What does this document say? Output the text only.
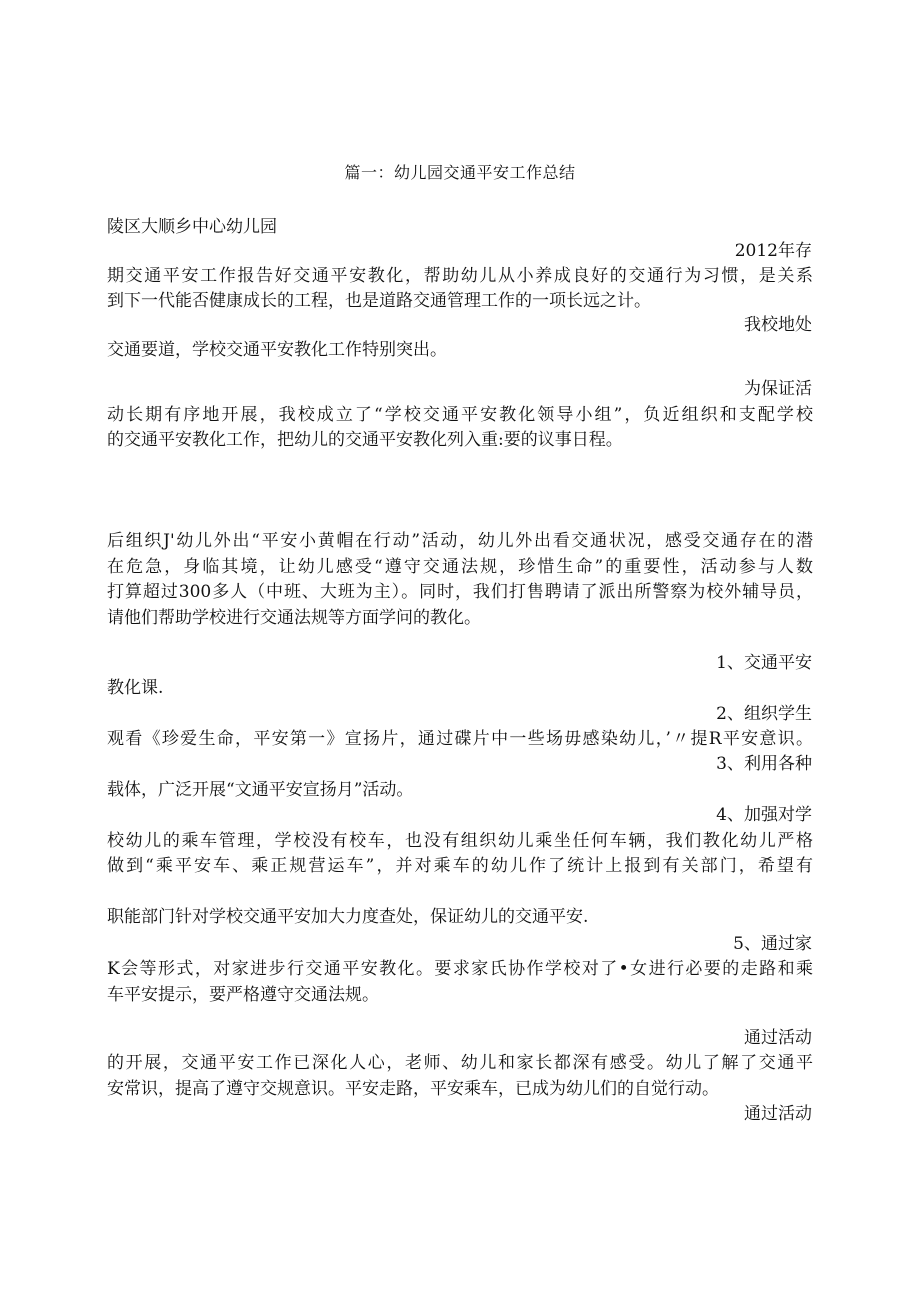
篇一：幼儿园交通平安工作总结
陵区大顺乡中心幼儿园
2012年存
期交通平安工作报告好交通平安教化，帮助幼儿从小养成良好的交通行为习惯，是关系
到下一代能否健康成长的工程，也是道路交通管理工作的一项长远之计。
我校地处
交通要道，学校交通平安教化工作特别突出。
为保证活
动长期有序地开展，我校成立了“学校交通平安教化领导小组”，负近组织和支配学校
的交通平安教化工作，把幼儿的交通平安教化列入重:要的议事日程。
后组织J'幼儿外出“平安小黄帽在行动”活动，幼儿外出看交通状况，感受交通存在的潜
在危急，身临其境，让幼儿感受“遵守交通法规，珍惜生命”的重要性，活动参与人数
打算超过300多人（中班、大班为主）。同时，我们打售聘请了派出所警察为校外辅导员，
请他们帮助学校进行交通法规等方面学问的教化。
1、交通平安
教化课.
2、组织学生
观看《珍爱生命，平安第一》宣扬片，通过碟片中一些场毋感染幼儿，’〃提R平安意识。
3、利用各种
载体，广泛开展“文通平安宣扬月”活动。
4、加强对学
校幼儿的乘车管理，学校没有校车，也没有组织幼儿乘坐任何车辆，我们教化幼儿严格
做到“乘平安车、乘正规营运车”，并对乘车的幼儿作了统计上报到有关部门，希望有
职能部门针对学校交通平安加大力度查处，保证幼儿的交通平安.
5、通过家
K会等形式，对家进步行交通平安教化。要求家氏协作学校对了•女进行必要的走路和乘
车平安提示，要严格遵守交通法规。
通过活动
的开展，交通平安工作已深化人心，老师、幼儿和家长都深有感受。幼儿了解了交通平
安常识，提高了遵守交规意识。平安走路，平安乘车，已成为幼儿们的自觉行动。
通过活动
